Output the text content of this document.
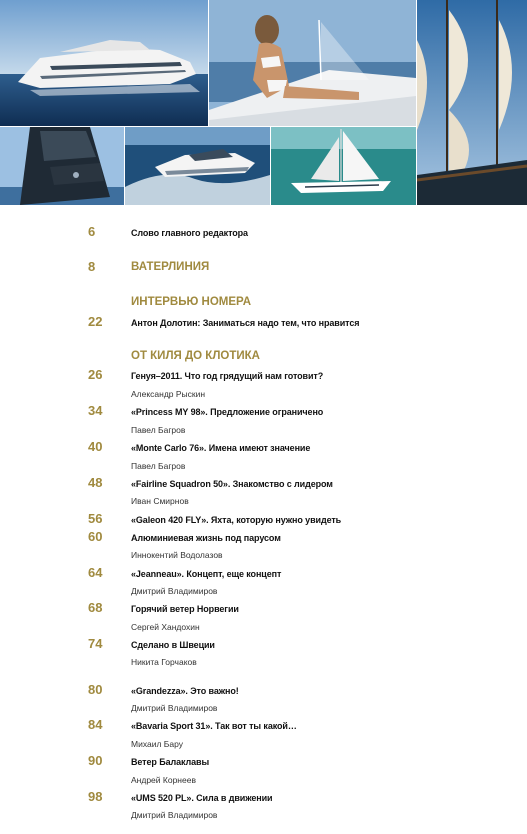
6	Слово главного редактора
8	ВАТЕРЛИНИЯ
ИНТЕРВЬЮ НОМЕРА
22	Антон Долотин: Заниматься надо тем, что нравится
ОТ КИЛЯ ДО КЛОТИКА
26	Генуя–2011. Что год грядущий нам готовит?
Александр Рыскин
34	«Princess MY 98». Предложение ограничено
Павел Багров
40	«Monte Carlo 76». Имена имеют значение
Павел Багров
48	«Fairline Squadron 50». Знакомство с лидером
Иван Смирнов
56	«Galeon 420 FLY». Яхта, которую нужно увидеть
60	Алюминиевая жизнь под парусом
Иннокентий Водолазов
64	«Jeanneau». Концепт, еще концепт
Дмитрий Владимиров
68	Горячий ветер Норвегии
Сергей Хандохин
74	Сделано в Швеции
Никита Горчаков
80	«Grandezza». Это важно!
Дмитрий Владимиров
84	«Bavaria Sport 31». Так вот ты какой…
Михаил Бару
90	Ветер Балаклавы
Андрей Корнеев
98	«UMS 520 PL». Сила в движении
Дмитрий Владимиров
